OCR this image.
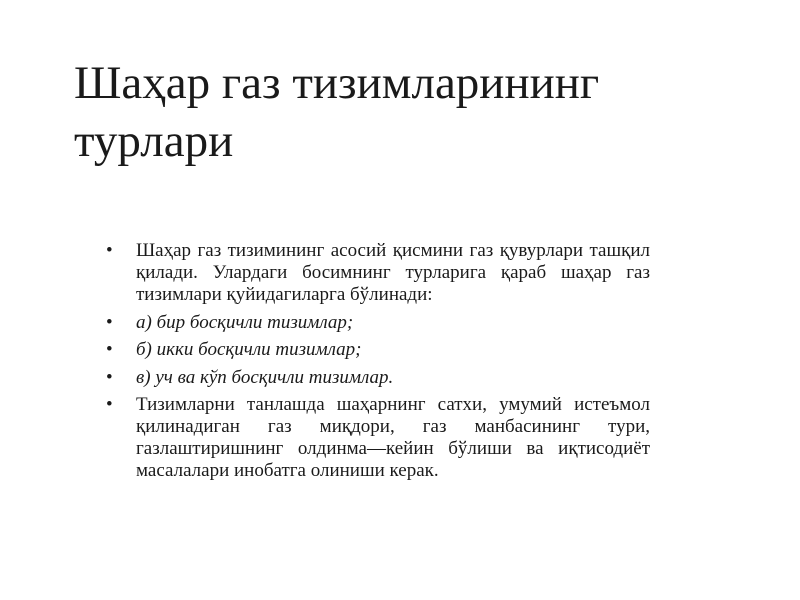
Шаҳар газ тизимларининг турлари
• Шаҳар газ тизимининг асосий қисмини газ қувурлари ташқил қилади. Улардаги босимнинг турларига қараб шаҳар газ тизимлари қуйидагиларга бўлинади:
• а) бир босқичли тизимлар;
• б) икки босқичли тизимлар;
• в) уч ва кўп босқичли тизимлар.
• Тизимларни танлашда шаҳарнинг сатхи, умумий истеъмол қилинадиган газ миқдори, газ манбасининг тури, газлаштиришнинг олдинма—кейин бўлиши ва иқтисодиёт масалалари инобатга олиниши керак.
